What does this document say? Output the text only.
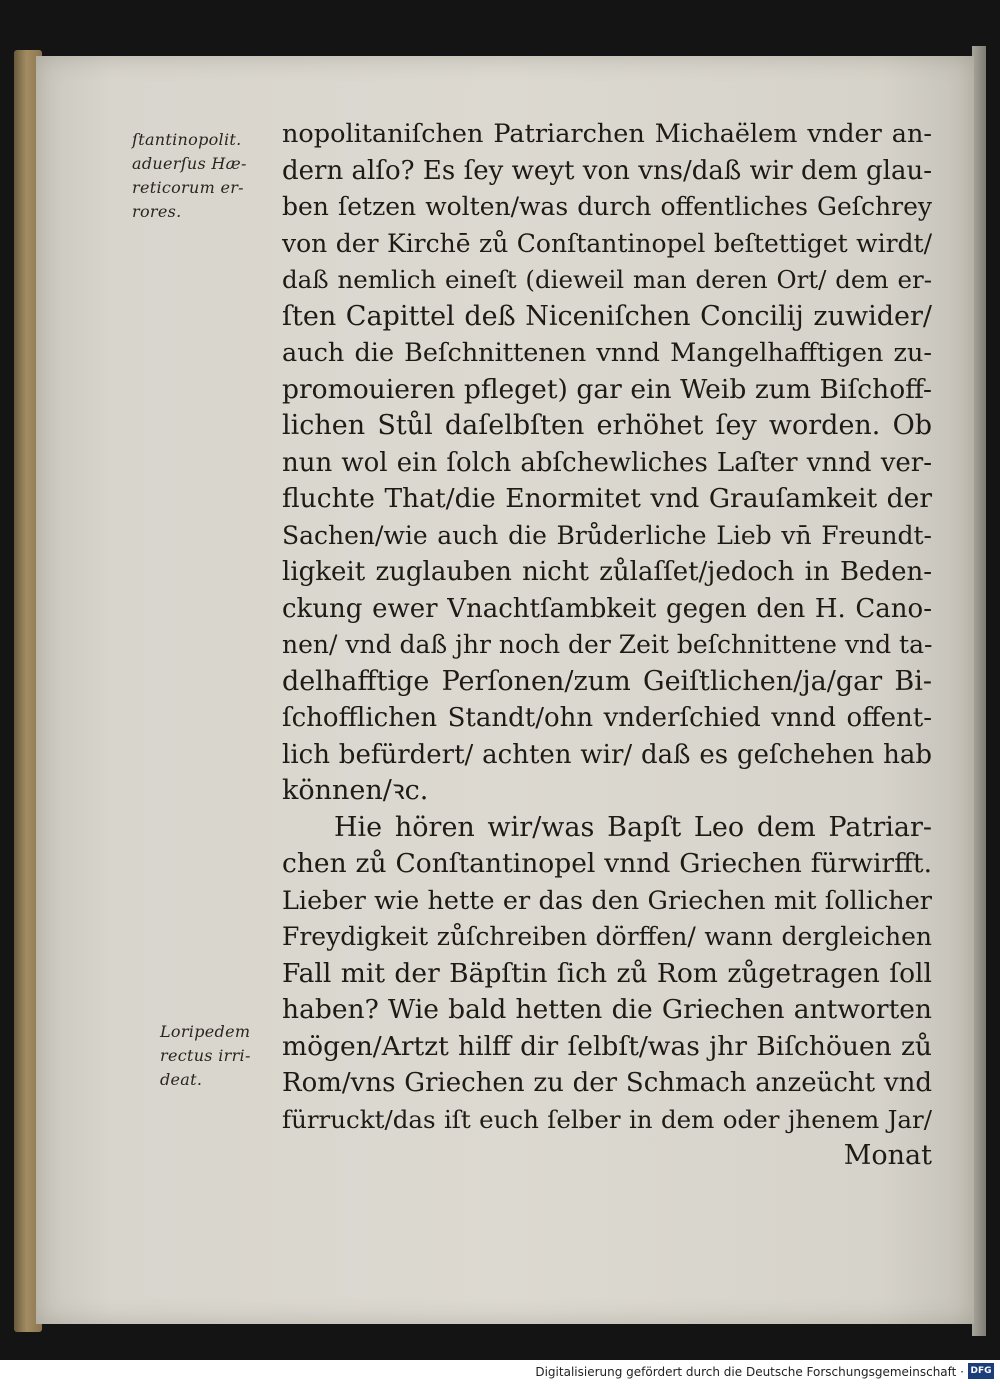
ſtantinopolit.
aduerſus Hæ-
reticorum er-
rores.
Loripedem
rectus irri-
deat.
nopolitaniſchen Patriarchen Michaëlem vnder an-
dern alſo? Es ſey weyt von vns/daß wir dem glau-
ben ſetzen wolten/was durch offentliches Geſchrey
von der Kirchē zů Conſtantinopel beſtettiget wirdt/
daß nemlich eineſt (dieweil man deren Ort/ dem er-
ſten Capittel deß Niceniſchen Concilij zuwider/
auch die Beſchnittenen vnnd Mangelhafftigen zu-
promouieren pfleget) gar ein Weib zum Biſchoff-
lichen Stůl daſelbſten erhöhet ſey worden. Ob
nun wol ein ſolch abſchewliches Laſter vnnd ver-
fluchte That/die Enormitet vnd Grauſamkeit der
Sachen/wie auch die Brůderliche Lieb vn̄ Freundt-
ligkeit zuglauben nicht zůlaſſet/jedoch in Beden-
ckung ewer Vnachtſambkeit gegen den H. Cano-
nen/ vnd daß jhr noch der Zeit beſchnittene vnd ta-
delhafftige Perſonen/zum Geiſtlichen/ja/gar Bi-
ſchofflichen Standt/ohn vnderſchied vnnd offent-
lich befürdert/ achten wir/ daß es geſchehen hab
können/ꝛc.
Hie hören wir/was Bapſt Leo dem Patriar-
chen zů Conſtantinopel vnnd Griechen fürwirfft.
Lieber wie hette er das den Griechen mit ſollicher
Freydigkeit zůſchreiben dörffen/ wann dergleichen
Fall mit der Bäpſtin ſich zů Rom zůgetragen ſoll
haben? Wie bald hetten die Griechen antworten
mögen/Artzt hilff dir ſelbſt/was jhr Biſchöuen zů
Rom/vns Griechen zu der Schmach anzeücht vnd
fürruckt/das iſt euch ſelber in dem oder jhenem Jar/
Monat
Digitalisierung gefördert durch die Deutsche Forschungsgemeinschaft · DFG
